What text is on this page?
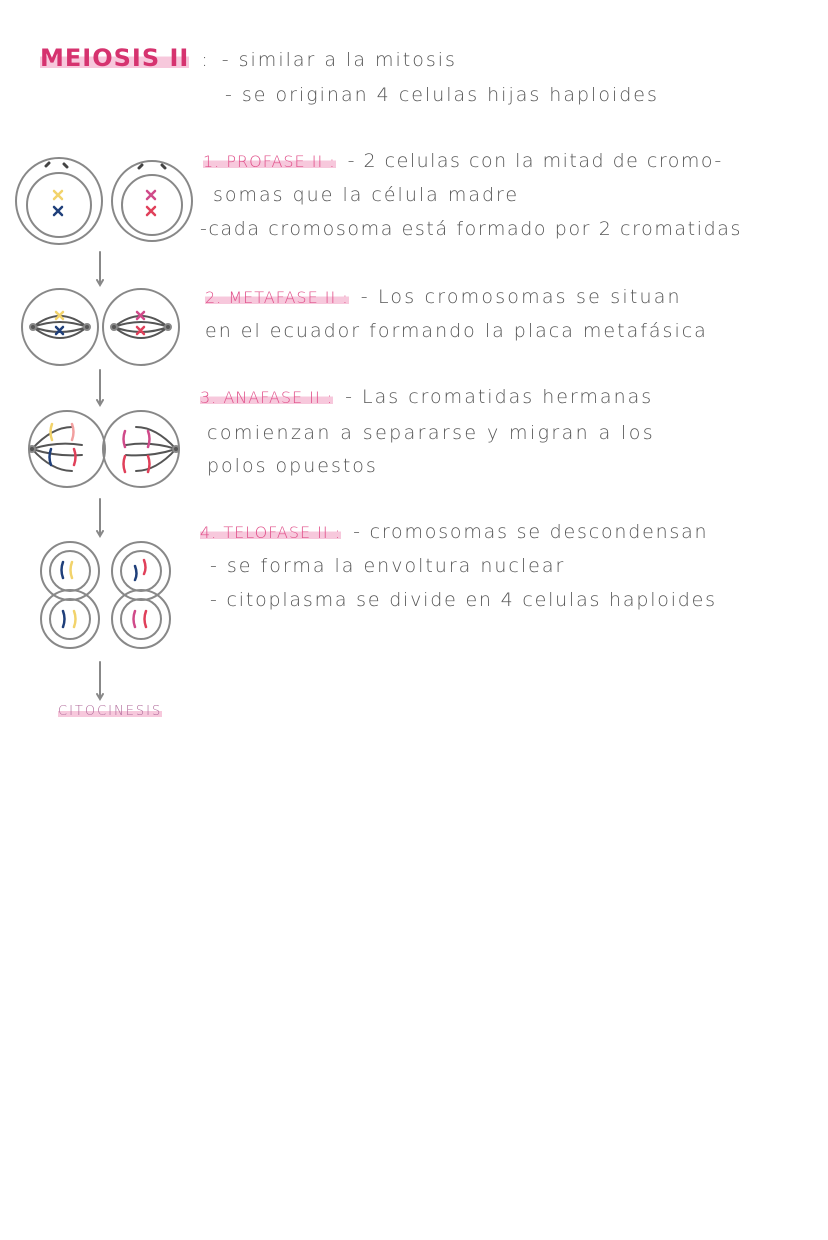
MEIOSIS II : - similar a la mitosis
- se originan 4 celulas hijas haploides
1. PROFASE II : - 2 celulas con la mitad de cromo-
somas que la célula madre
-cada cromosoma está formado por 2 cromatidas
2. METAFASE II : - Los cromosomas se situan
en el ecuador formando la placa metafásica
3. ANAFASE II : - Las cromatidas hermanas
comienzan a separarse y migran a los
polos opuestos
4. TELOFASE II : - cromosomas se descondensan
- se forma la envoltura nuclear
- citoplasma se divide en 4 celulas haploides
CITOCINESIS
